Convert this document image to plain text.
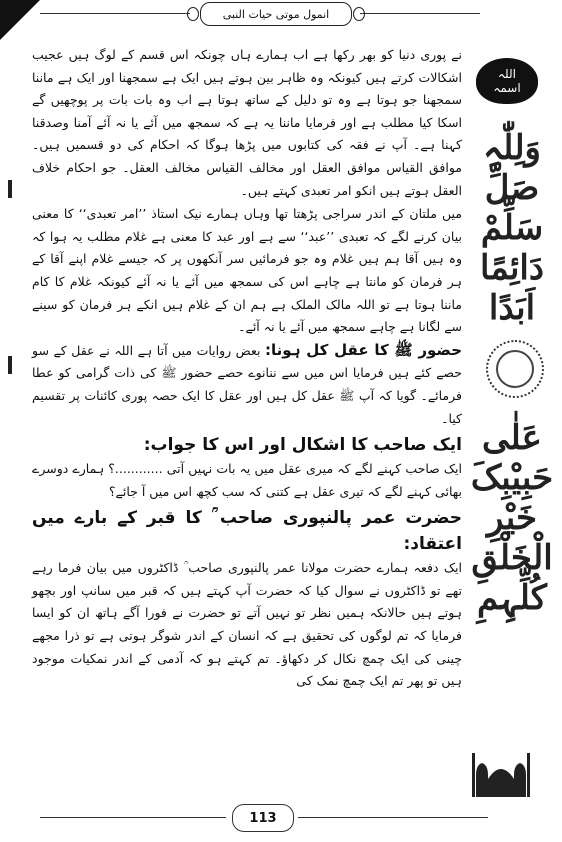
انمول موتی حیات النبی
اللہ
اسمہ
وَلِلّٰہِ صَلِّ سَلِّمْ دَائِمًا اَبَدًا
عَلٰی حَبِیْبِکَ خَیْرِ الْخَلْقِ کُلِّہِمِ

نے پوری دنیا کو بھر رکھا ہے اب ہمارے ہاں چونکہ اس قسم کے لوگ ہیں عجیب اشکالات کرتے ہیں کیونکہ وہ ظاہر بین ہوتے ہیں ایک ہے سمجھنا اور ایک ہے ماننا سمجھنا جو ہوتا ہے وہ تو دلیل کے ساتھ ہوتا ہے اب وہ بات بات پر پوچھیں گے اسکا کیا مطلب ہے اور فرمایا ماننا یہ ہے کہ سمجھ میں آئے یا نہ آئے آمنا وصدقنا کہنا ہے۔ آپ نے فقہ کی کتابوں میں پڑھا ہوگا کہ احکام کی دو قسمیں ہیں۔ موافق القیاس موافق العقل اور مخالف القیاس مخالف العقل۔ جو احکام خلاف العقل ہوتے ہیں انکو امر تعبدی کہتے ہیں۔

میں ملتان کے اندر سراجی پڑھتا تھا وہاں ہمارے نیک استاذ ’’امر تعبدی‘‘ کا معنی بیان کرنے لگے کہ تعبدی ’’عبد‘‘ سے ہے اور عبد کا معنی ہے غلام مطلب یہ ہوا کہ وہ ہیں آقا ہم ہیں غلام وہ جو فرمائیں سر آنکھوں پر کہ جیسے غلام اپنے آقا کے ہر فرمان کو مانتا ہے چاہے اس کی سمجھ میں آئے یا نہ آئے کیونکہ غلام کا کام ماننا ہوتا ہے تو اللہ مالک الملک ہے ہم ان کے غلام ہیں انکے ہر فرمان کو سینے سے لگانا ہے چاہے سمجھ میں آئے یا نہ آئے۔

حضور ﷺ کا عقل کل ہونا: بعض روایات میں آتا ہے اللہ نے عقل کے سو حصے کئے ہیں فرمایا اس میں سے ننانوے حصے حضور ﷺ کی ذات گرامی کو عطا فرمائے۔ گویا کہ آپ ﷺ عقل کل ہیں اور عقل کا ایک حصہ پوری کائنات پر تقسیم کیا۔

ایک صاحب کا اشکال اور اس کا جواب:

ایک صاحب کہنے لگے کہ میری عقل میں یہ بات نہیں آتی ............؟ ہمارے دوسرے بھائی کہنے لگے کہ تیری عقل ہے کتنی کہ سب کچھ اس میں آ جائے؟

حضرت عمر پالنپوری صاحب ؒ کا قبر کے بارے میں اعتقاد:

ایک دفعہ ہمارے حضرت مولانا عمر پالنپوری صاحب ؒ ڈاکٹروں میں بیان فرما رہے تھے تو ڈاکٹروں نے سوال کیا کہ حضرت آپ کہتے ہیں کہ قبر میں سانپ اور بچھو ہوتے ہیں حالانکہ ہمیں نظر تو نہیں آتے تو حضرت نے فورا آگے ہاتھ ان کو ایسا فرمایا کہ تم لوگوں کی تحقیق ہے کہ انسان کے اندر شوگر ہوتی ہے تو ذرا مجھے چینی کی ایک چمچ نکال کر دکھاؤ۔ تم کہتے ہو کہ آدمی کے اندر نمکیات موجود ہیں تو پھر تم ایک چمچ نمک کی

113
